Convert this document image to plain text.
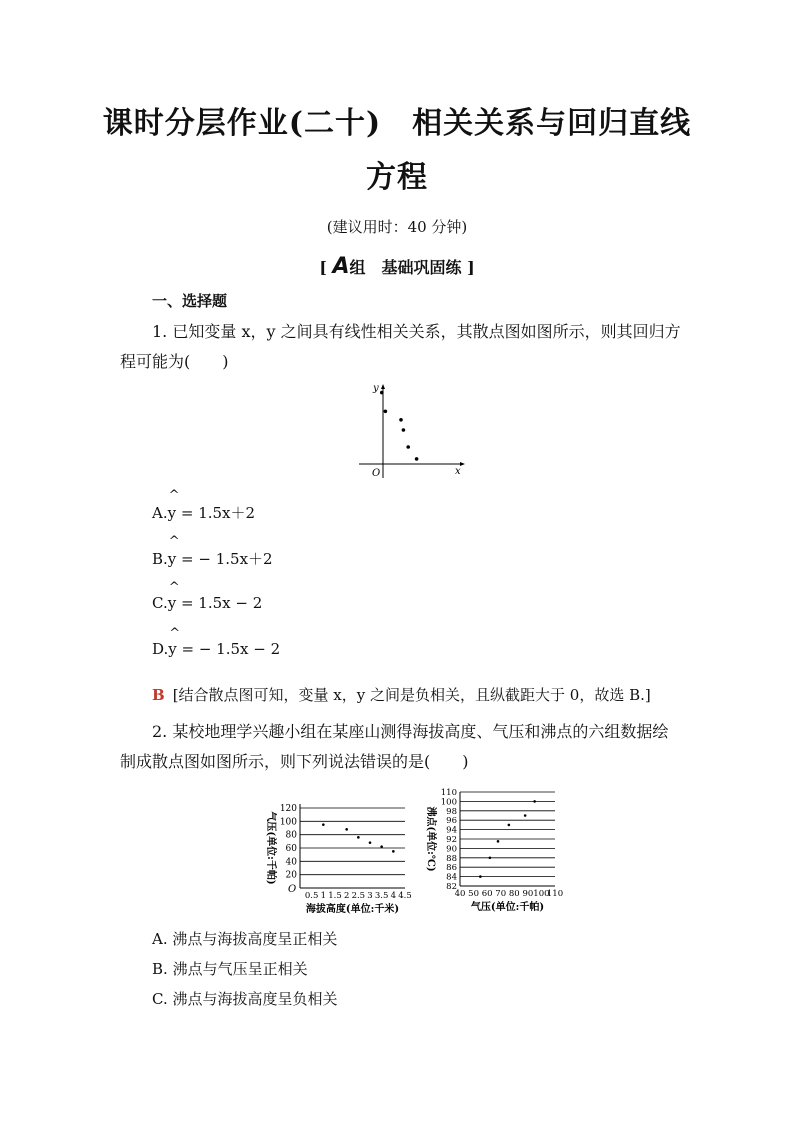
课时分层作业(二十)　相关关系与回归直线
方程
(建议用时：40 分钟)
[ A组　基础巩固练 ]
一、选择题
1. 已知变量 x，y 之间具有线性相关关系，其散点图如图所示，则其回归方
程可能为(　　)
x
y
O
A.^ y = 1.5x＋2
B.^ y = − 1.5x＋2
C.^ y = 1.5x − 2
D.^ y = − 1.5x − 2
B [结合散点图可知，变量 x，y 之间是负相关，且纵截距大于 0，故选 B.]
2. 某校地理学兴趣小组在某座山测得海拔高度、气压和沸点的六组数据绘
制成散点图如图所示，则下列说法错误的是(　　)
20
40
60
80
100
120
0.5 1 1.5 2 2.5 3 3.5 4 4.5
海拔高度(单位:千米)
气压(单位:千帕)
O	82
84
86
88
90
92
94
96
98
100
110
40 50 60 70 80 90 100
110
气压(单位:千帕)
沸点(单位:℃)
A. 沸点与海拔高度呈正相关
B. 沸点与气压呈正相关
C. 沸点与海拔高度呈负相关
